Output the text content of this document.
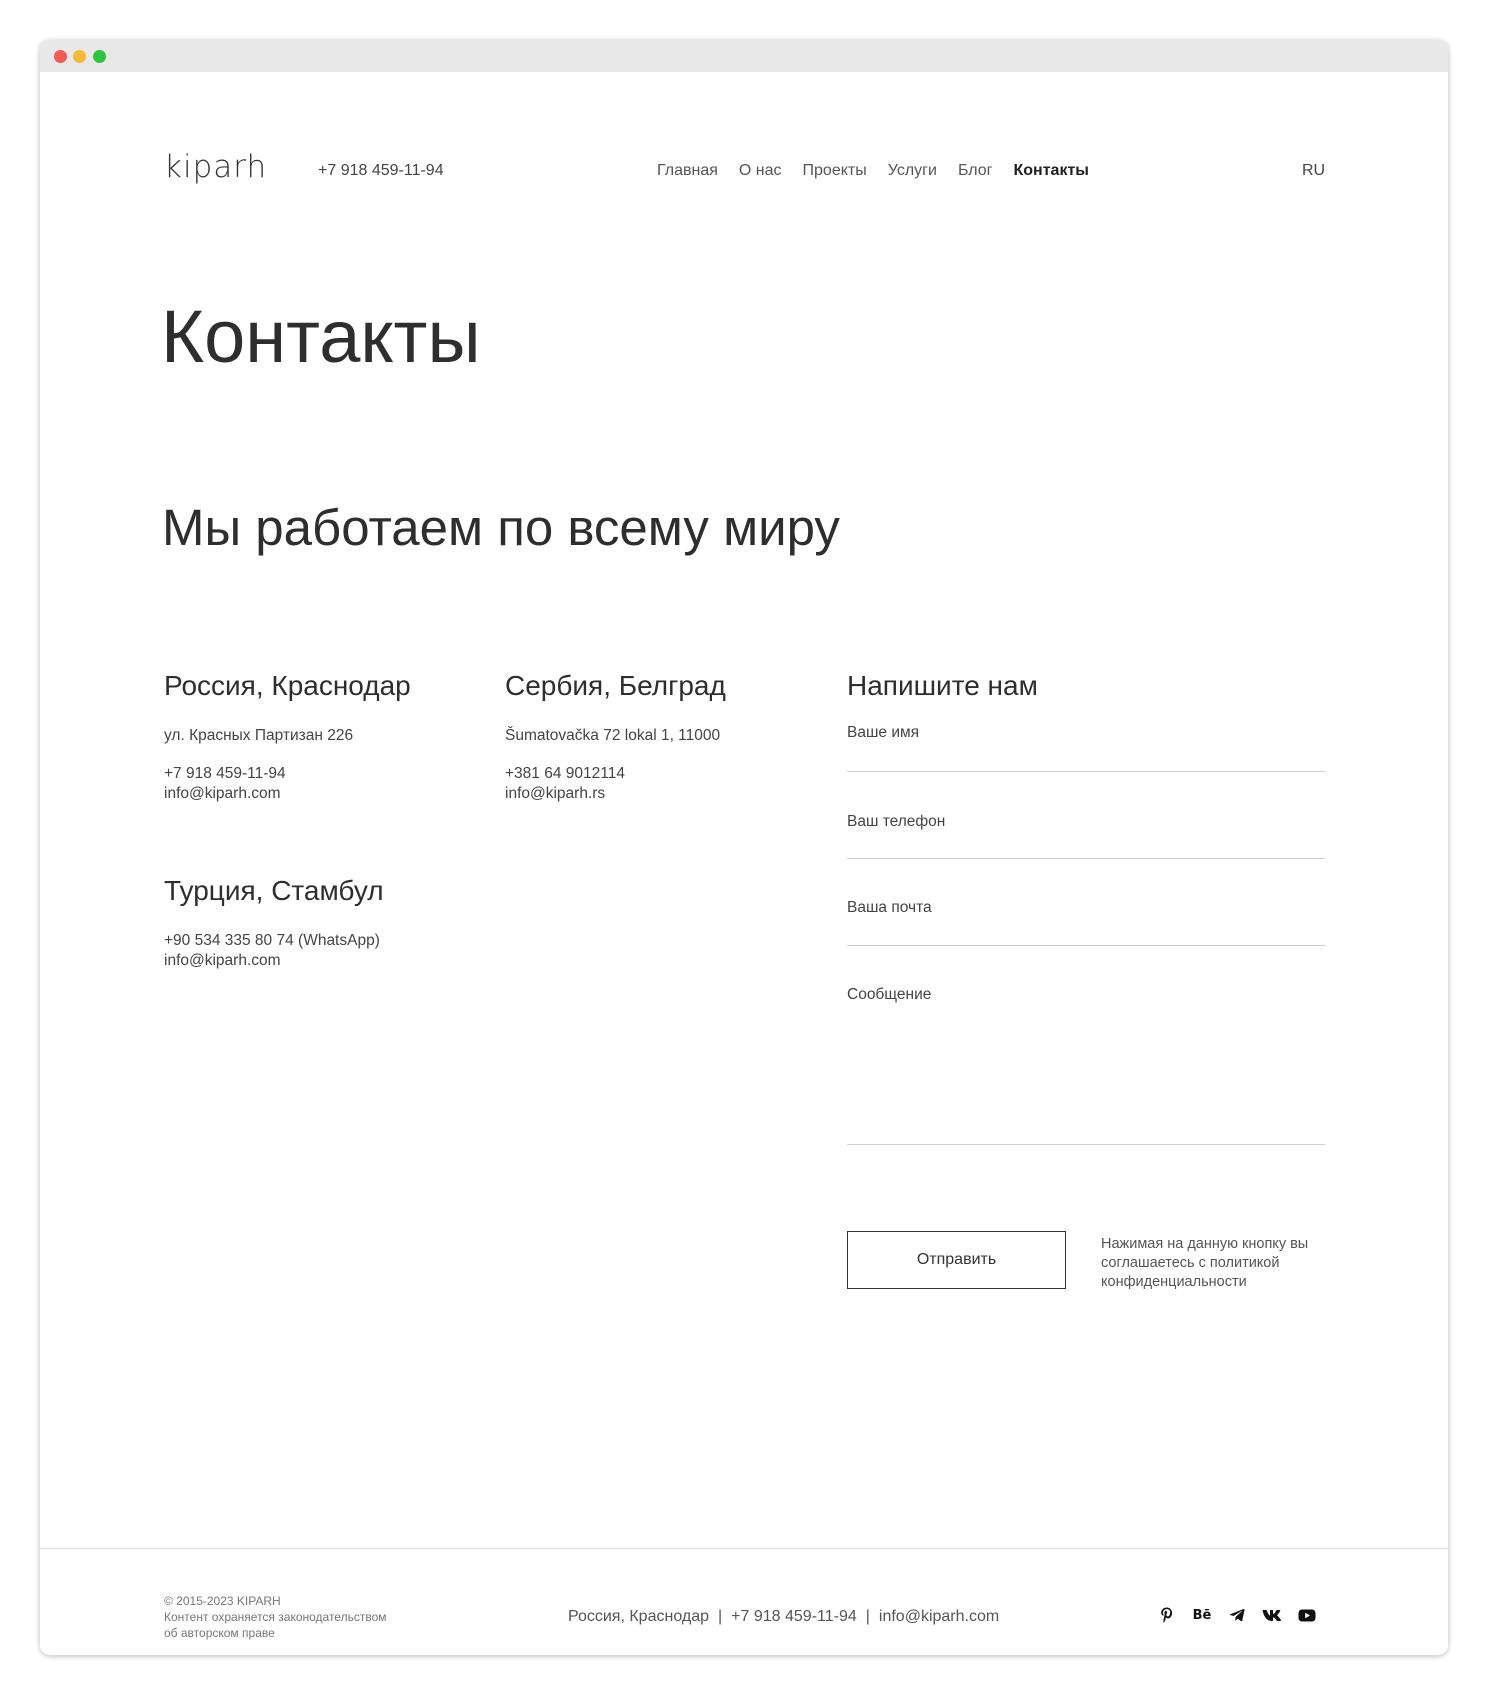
kiparh	+7 918 459-11-94	Главная О нас Проекты Услуги Блог Контакты	RU
Контакты
Мы работаем по всему миру
Россия, Краснодар
ул. Красных Партизан 226
+7 918 459-11-94
info@kiparh.com
Сербия, Белград
Šumatovačka 72 lokal 1, 11000
+381 64 9012114
info@kiparh.rs
Турция, Стамбул
+90 534 335 80 74 (WhatsApp)
info@kiparh.com
Напишите нам
Ваше имя
Ваш телефон
Ваша почта
Сообщение
Отправить
Нажимая на данную кнопку вы соглашаетесь с политикой конфиденциальности
© 2015-2023 KIPARH
Контент охраняется законодательством
об авторском праве
Россия, Краснодар | +7 918 459-11-94 | info@kiparh.com	Bē
